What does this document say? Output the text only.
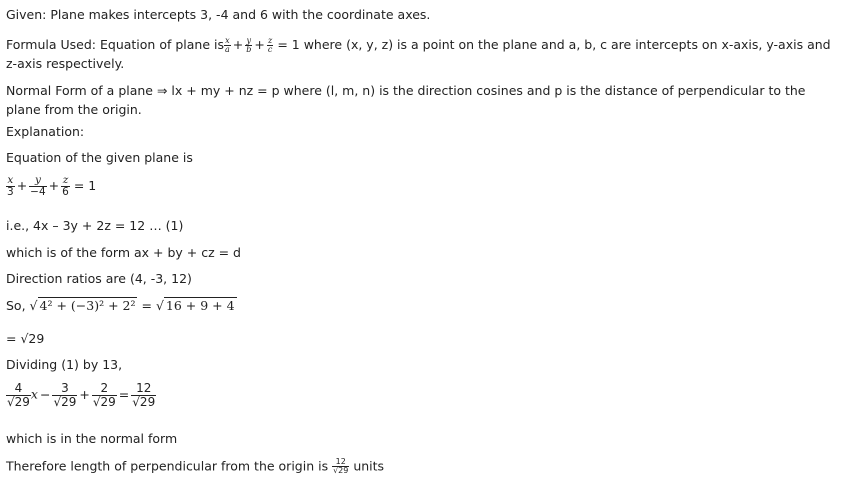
Given: Plane makes intercepts 3, -4 and 6 with the coordinate axes.
Formula Used: Equation of plane is $\frac{x}{a} + \frac{y}{b} + \frac{z}{c} = 1$ where (x, y, z) is a point on the plane and a, b, c are intercepts on x-axis, y-axis and z-axis respectively.
Normal Form of a plane ⇒ lx + my + nz = p where (l, m, n) is the direction cosines and p is the distance of perpendicular to the plane from the origin.
Explanation:
Equation of the given plane is
$\frac{x}{3} + \frac{y}{-4} + \frac{z}{6} = 1$
i.e., 4x – 3y + 2z = 12 … (1)
which is of the form ax + by + cz = d
Direction ratios are (4, -3, 12)
So, √ 4² + (−3)² + 2² = √ 16 + 9 + 4
= √29
Dividing (1) by 13,
$\frac{4}{√29}$ $x - \frac{3}{√29} + \frac{2}{√29} = \frac{12}{√29}$
which is in the normal form
Therefore length of perpendicular from the origin is $\frac{12}{√29}$ units
